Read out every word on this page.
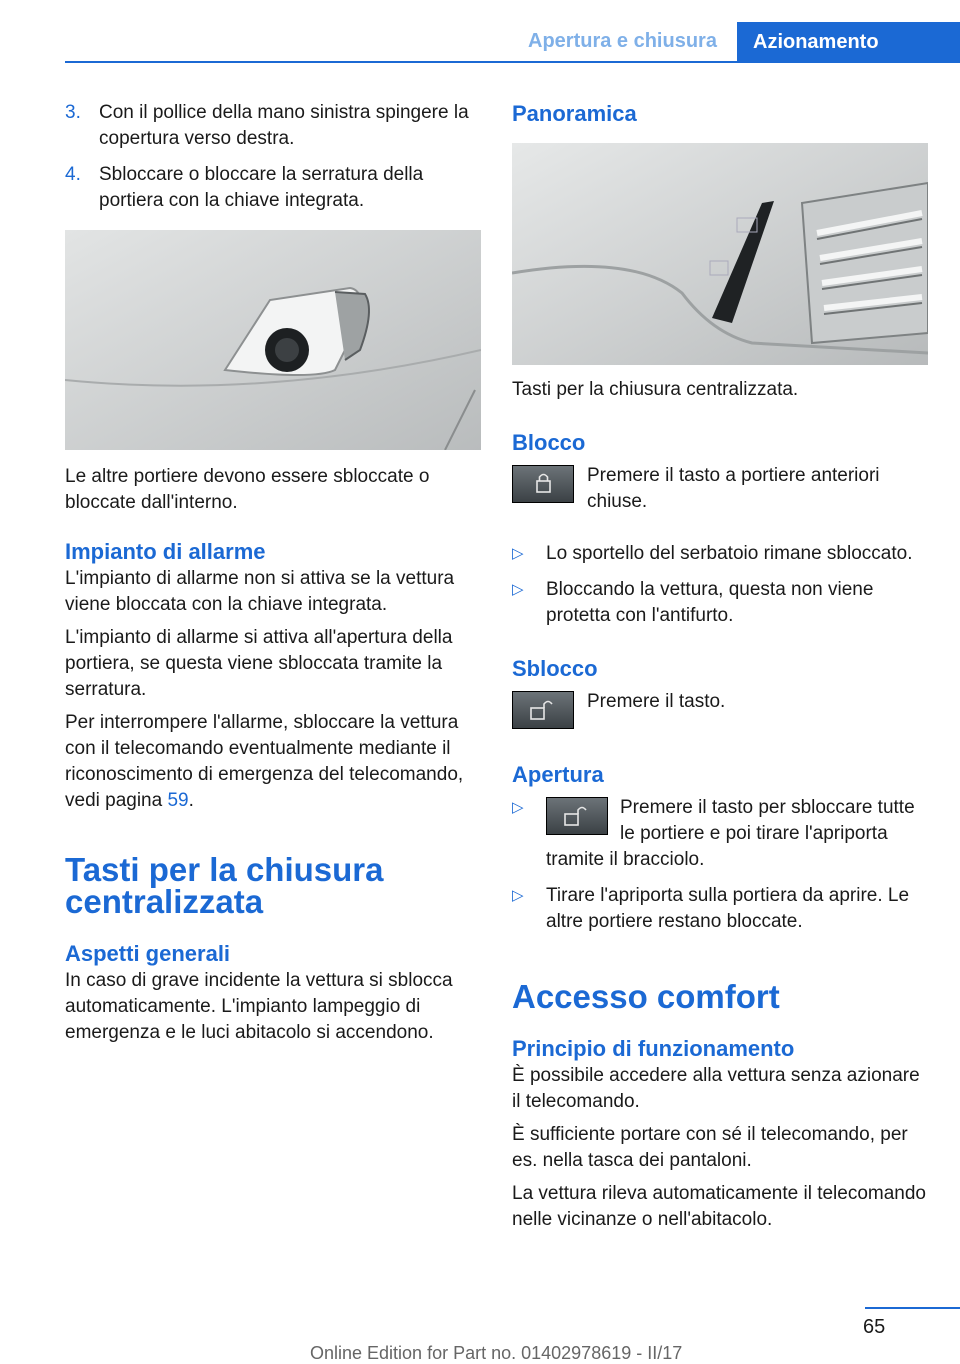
Apertura e chiusura Azionamento
3. Con il pollice della mano sinistra spingere la copertura verso destra.
4. Sbloccare o bloccare la serratura della portiera con la chiave integrata.

Le altre portiere devono essere sbloccate o bloccate dall'interno.

Impianto di allarme

L'impianto di allarme non si attiva se la vettura viene bloccata con la chiave integrata.

L'impianto di allarme si attiva all'apertura della portiera, se questa viene sbloccata tramite la serratura.

Per interrompere l'allarme, sbloccare la vettura con il telecomando eventualmente mediante il riconoscimento di emergenza del telecomando, vedi pagina 59.

Tasti per la chiusura centralizzata
Aspetti generali

In caso di grave incidente la vettura si sblocca automaticamente. L'impianto lampeggio di emergenza e le luci abitacolo si accendono.

Panoramica

Tasti per la chiusura centralizzata.

Blocco
Premere il tasto a portiere anteriori chiuse.
▷ Lo sportello del serbatoio rimane sbloccato.
▷ Bloccando la vettura, questa non viene protetta con l'antifurto.
Sblocco
Premere il tasto.
Apertura
▷	Premere il tasto per sbloccare tutte le portiere e poi tirare l'apriporta tramite il bracciolo.
▷ Tirare l'apriporta sulla portiera da aprire. Le altre portiere restano bloccate.
Accesso comfort
Principio di funzionamento

È possibile accedere alla vettura senza azionare il telecomando.

È sufficiente portare con sé il telecomando, per es. nella tasca dei pantaloni.

La vettura rileva automaticamente il telecomando nelle vicinanze o nell'abitacolo.

65
Online Edition for Part no. 01402978619 - II/17
